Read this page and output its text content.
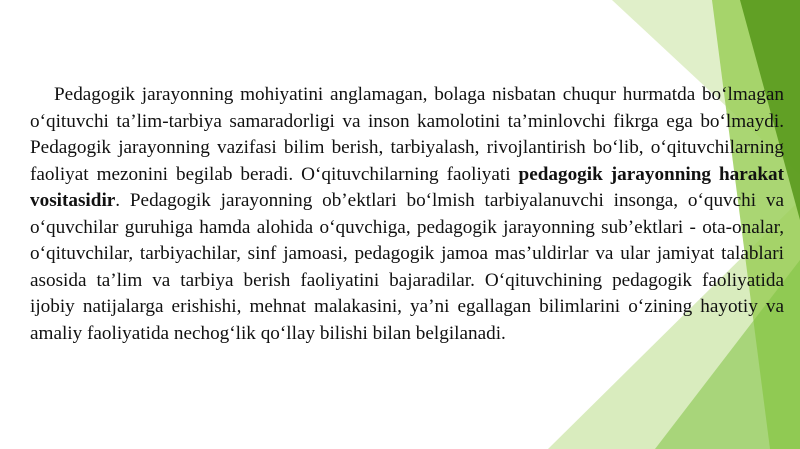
Pedagogik jarayonning mohiyatini anglamagan, bolaga nisbatan chuqur hurmatda bo‘lmagan o‘qituvchi ta’lim-tarbiya samaradorligi va inson kamolotini ta’minlovchi fikrga ega bo‘lmaydi. Pedagogik jarayonning vazifasi bilim berish, tarbiyalash, rivojlantirish bo‘lib, o‘qituvchilarning faoliyat mezonini begilab beradi. O‘qituvchilarning faoliyati pedagogik jarayonning harakat vositasidir. Pedagogik jarayonning ob’ektlari bo‘lmish tarbiyalanuvchi insonga, o‘quvchi va o‘quvchilar guruhiga hamda alohida o‘quvchiga, pedagogik jarayonning sub’ektlari - ota-onalar, o‘qituvchilar, tarbiyachilar, sinf jamoasi, pedagogik jamoa mas’uldirlar va ular jamiyat talablari asosida ta’lim va tarbiya berish faoliyatini bajaradilar. O‘qituvchining pedagogik faoliyatida ijobiy natijalarga erishishi, mehnat malakasini, ya’ni egallagan bilimlarini o‘zining hayotiy va amaliy faoliyatida nechog‘lik qo‘llay bilishi bilan belgilanadi.
